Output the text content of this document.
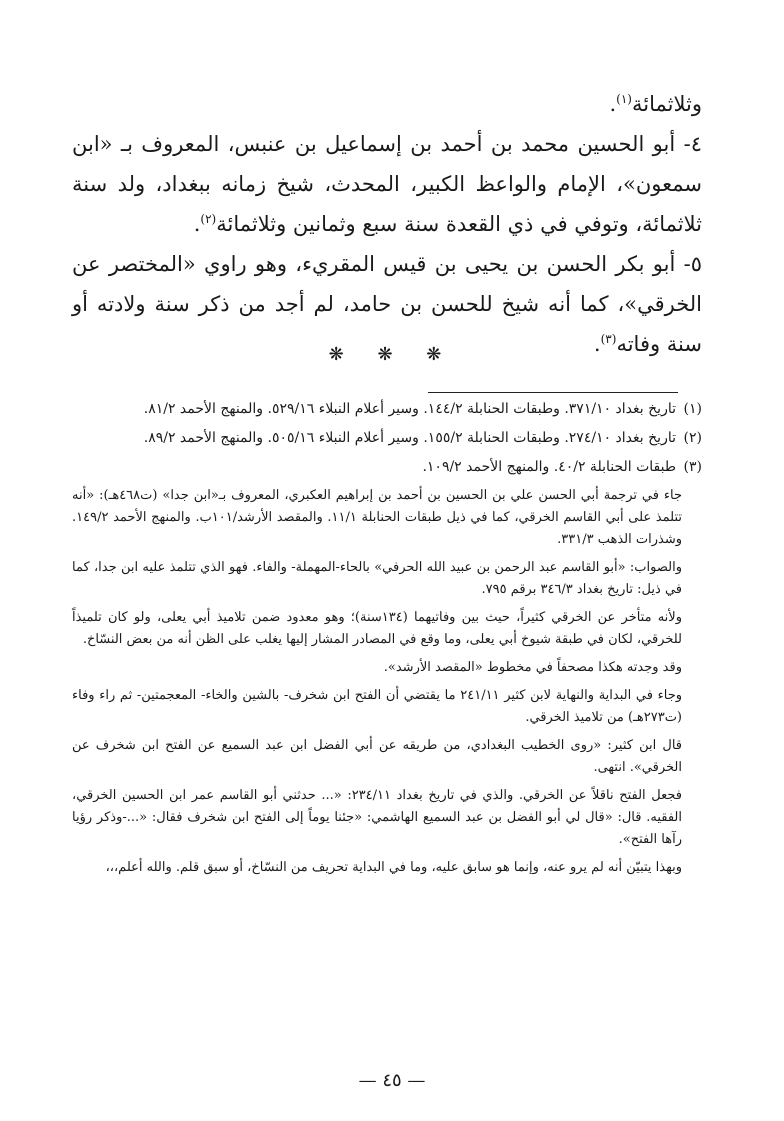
وثلاثمائة$^{(١)}$.

٤- أبو الحسين محمد بن أحمد بن إسماعيل بن عنبس، المعروف بـ «ابن سمعون»، الإمام والواعظ الكبير، المحدث، شيخ زمانه ببغداد، ولد سنة ثلاثمائة، وتوفي في ذي القعدة سنة سبع وثمانين وثلاثمائة$^{(٢)}$.

٥- أبو بكر الحسن بن يحيى بن قيس المقريء، وهو راوي «المختصر عن الخرقي»، كما أنه شيخ للحسن بن حامد، لم أجد من ذكر سنة ولادته أو سنة وفاته$^{(٣)}$.

❋ ❋ ❋
(١)
تاريخ بغداد ٣٧١/١٠. وطبقات الحنابلة ١٤٤/٢. وسير أعلام النبلاء ٥٢٩/١٦. والمنهج الأحمد ٨١/٢.
(٢)
تاريخ بغداد ٢٧٤/١٠. وطبقات الحنابلة ١٥٥/٢. وسير أعلام النبلاء ٥٠٥/١٦. والمنهج الأحمد ٨٩/٢.
(٣)
طبقات الحنابلة ٤٠/٢. والمنهج الأحمد ١٠٩/٢.

جاء في ترجمة أبي الحسن علي بن الحسين بن أحمد بن إبراهيم العكبري، المعروف بـ«ابن جدا» (ت٤٦٨هـ): «أنه تتلمذ على أبي القاسم الخرقي، كما في ذيل طبقات الحنابلة ١١/١. والمقصد الأرشد/١٠١ب. والمنهج الأحمد ١٤٩/٢. وشذرات الذهب ٣٣١/٣.

والصواب: «أبو القاسم عبد الرحمن بن عبيد الله الحرفي» بالحاء-المهملة- والفاء. فهو الذي تتلمذ عليه ابن جدا، كما في ذيل: تاريخ بغداد ٣٤٦/٣ برقم ٧٩٥.

ولأنه متأخر عن الخرقي كثيراً، حيث بين وفاتيهما (١٣٤سنة)؛ وهو معدود ضمن تلاميذ أبي يعلى، ولو كان تلميذاً للخرقي، لكان في طبقة شيوخ أبي يعلى، وما وقع في المصادر المشار إليها يغلب على الظن أنه من بعض النسّاخ.

وقد وجدته هكذا مصحفاً في مخطوط «المقصد الأرشد».

وجاء في البداية والنهاية لابن كثير ٢٤١/١١ ما يقتضي أن الفتح ابن شخرف- بالشين والخاء- المعجمتين- ثم راء وفاء (ت٢٧٣هـ) من تلاميذ الخرقي.

قال ابن كثير: «روى الخطيب البغدادي، من طريقه عن أبي الفضل ابن عبد السميع عن الفتح ابن شخرف عن الخرقي». انتهى.

فجعل الفتح ناقلاً عن الخرقي. والذي في تاريخ بغداد ٢٣٤/١١: «... حدثني أبو القاسم عمر ابن الحسين الخرقي، الفقيه. قال: «قال لي أبو الفضل بن عبد السميع الهاشمي: «جئنا يوماً إلى الفتح ابن شخرف فقال: «...-وذكر رؤيا رآها الفتح».

وبهذا يتبيّن أنه لم يرو عنه، وإنما هو سابق عليه، وما في البداية تحريف من النسّاخ، أو سبق قلم. والله أعلم،،،

— ٤٥ —
